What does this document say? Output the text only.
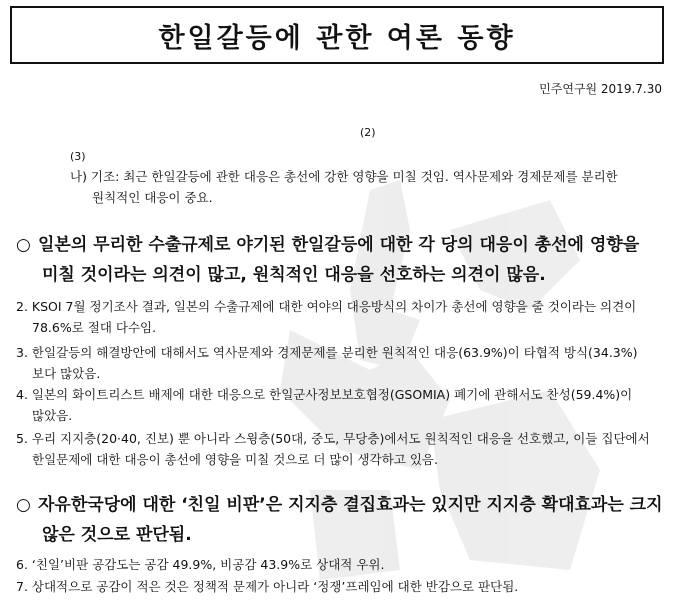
한일갈등에 관한 여론 동향
민주연구원 2019.7.30
(2)
(3)
나) 기조: 최근 한일갈등에 관한 대응은 총선에 강한 영향을 미칠 것임. 역사문제와 경제문제를 분리한 원칙적인 대응이 중요.
○ 일본의 무리한 수출규제로 야기된 한일갈등에 대한 각 당의 대응이 총선에 영향을 미칠 것이라는 의견이 많고, 원칙적인 대응을 선호하는 의견이 많음.
2. KSOI 7월 정기조사 결과, 일본의 수출규제에 대한 여야의 대응방식의 차이가 총선에 영향을 줄 것이라는 의견이 78.6%로 절대 다수임.
3. 한일갈등의 해결방안에 대해서도 역사문제와 경제문제를 분리한 원칙적인 대응(63.9%)이 타협적 방식(34.3%) 보다 많았음.
4. 일본의 화이트리스트 배제에 대한 대응으로 한일군사정보보호협정(GSOMIA) 폐기에 관해서도 찬성(59.4%)이 많았음.
5. 우리 지지층(20·40, 진보) 뿐 아니라 스윙층(50대, 중도, 무당층)에서도 원칙적인 대응을 선호했고, 이들 집단에서 한일문제에 대한 대응이 총선에 영향을 미칠 것으로 더 많이 생각하고 있음.
○ 자유한국당에 대한 ‘친일 비판’은 지지층 결집효과는 있지만 지지층 확대효과는 크지 않은 것으로 판단됨.
6. ‘친일’비판 공감도는 공감 49.9%, 비공감 43.9%로 상대적 우위.
7. 상대적으로 공감이 적은 것은 정책적 문제가 아니라 ‘정쟁’프레임에 대한 반감으로 판단됨.
